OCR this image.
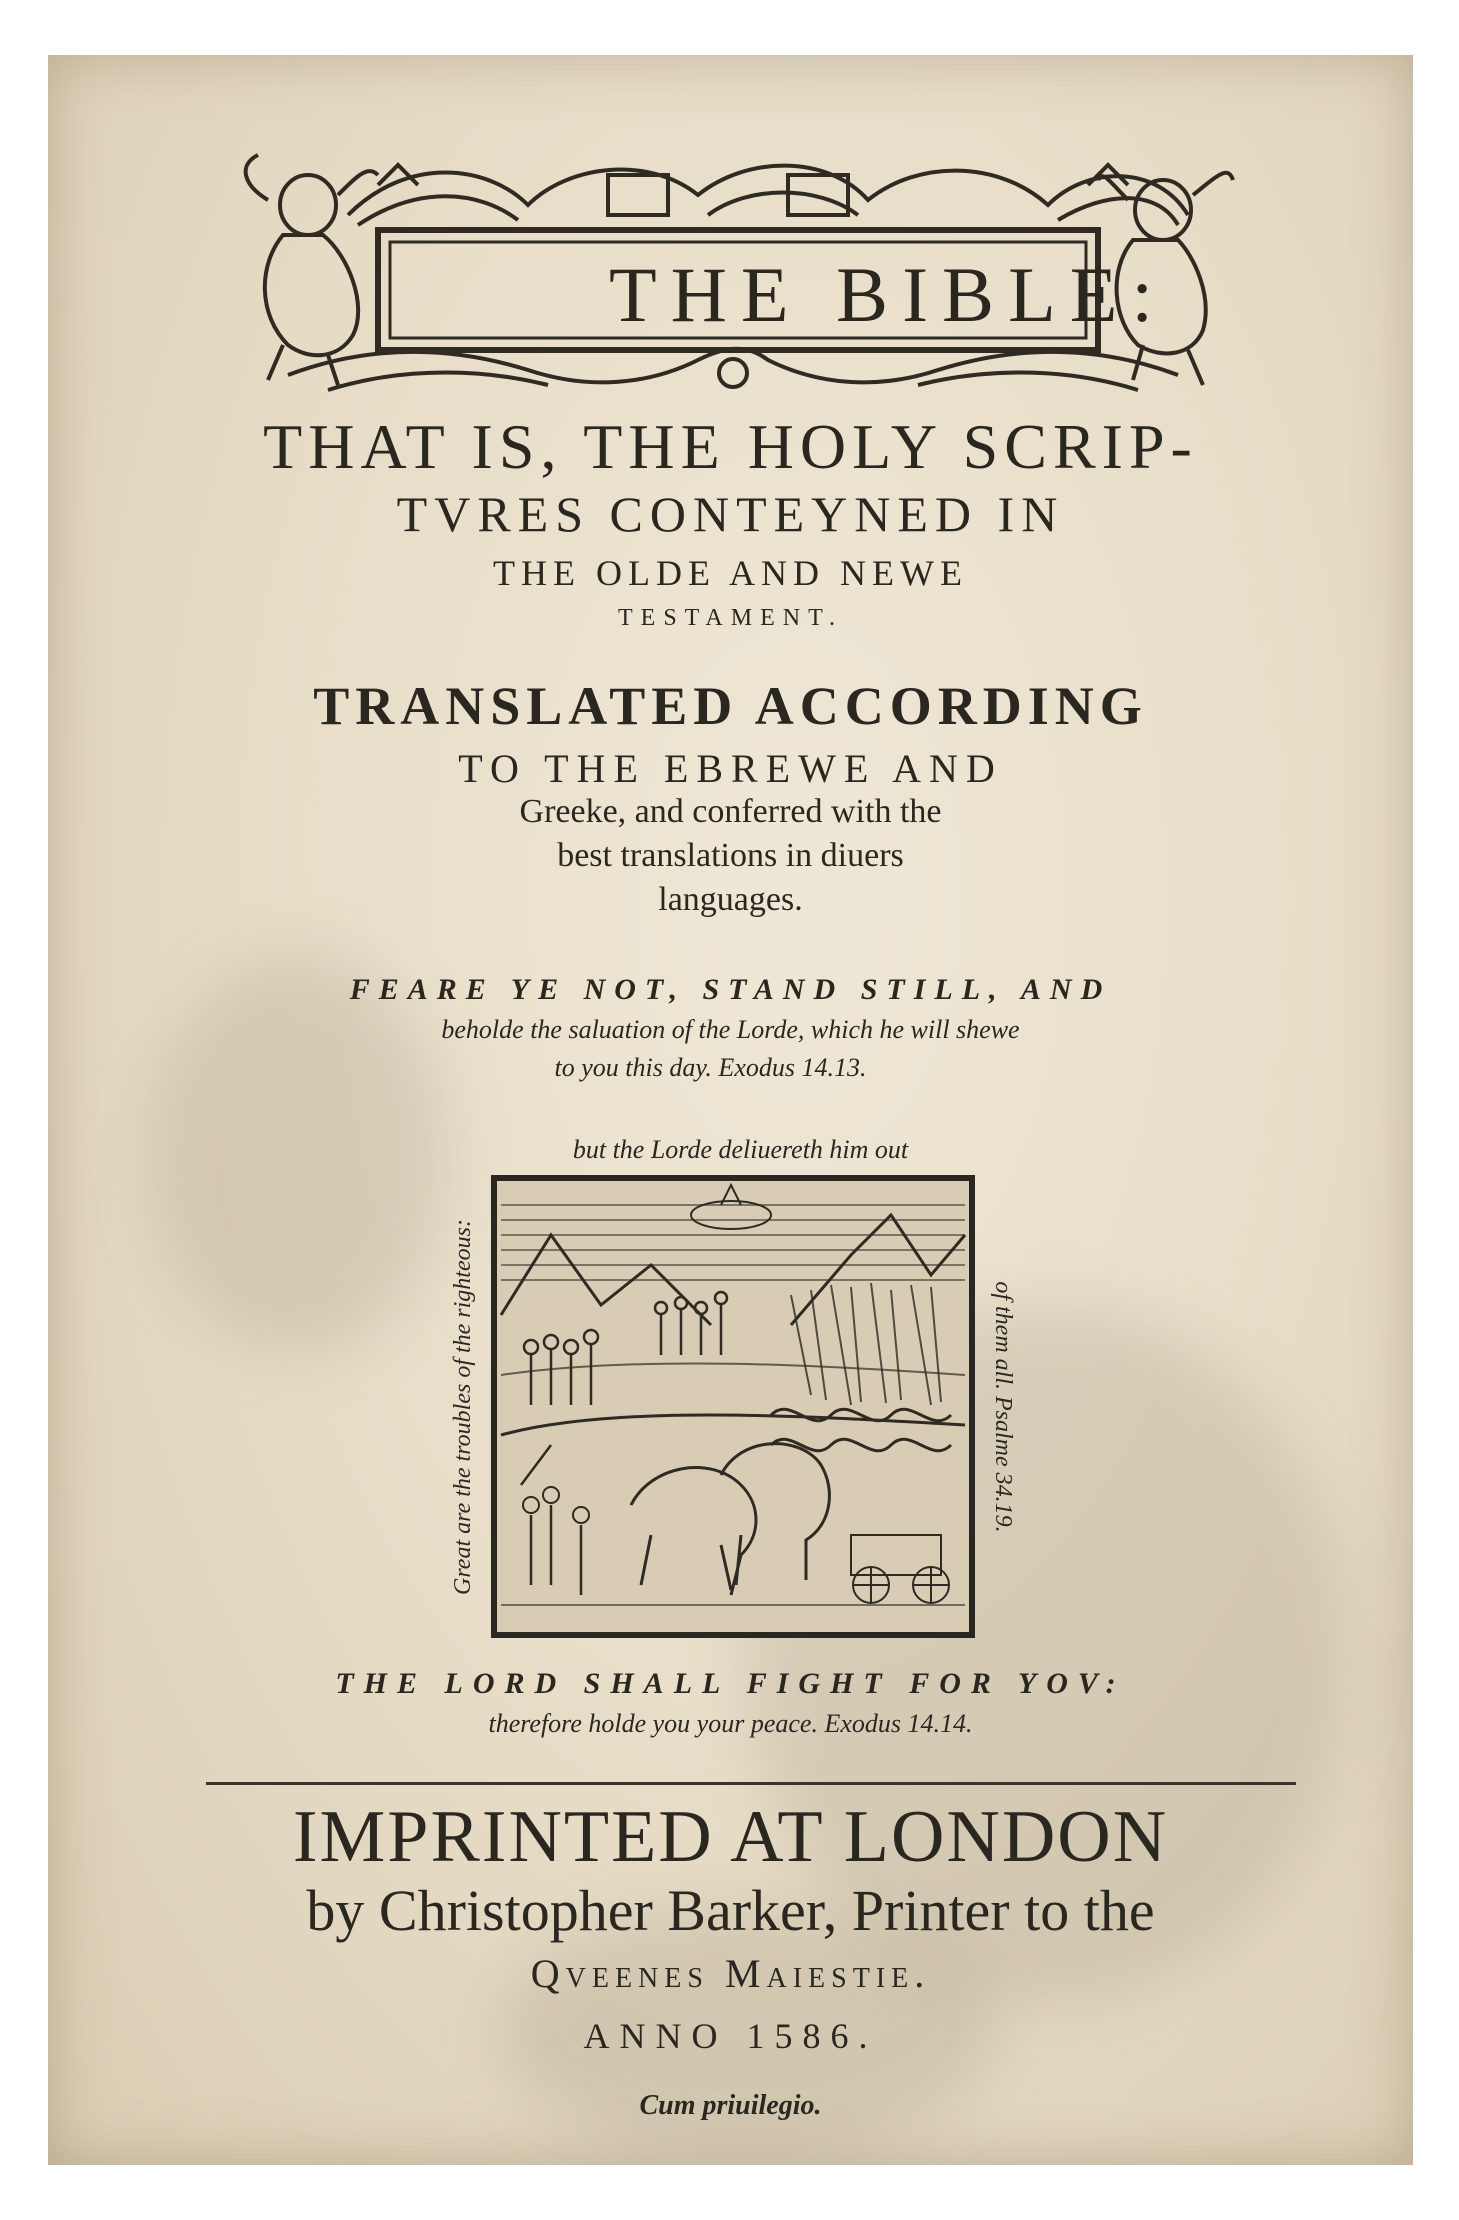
THE BIBLE:
THAT IS, THE HOLY SCRIP-
TVRES CONTEYNED IN
THE OLDE AND NEWE
TESTAMENT.
TRANSLATED ACCORDING
TO THE EBREWE AND
Greeke, and conferred with the
best translations in diuers
languages.
FEARE YE NOT, STAND STILL, AND
beholde the saluation of the Lorde, which he will shewe
to you this day. Exodus 14.13.
but the Lorde deliuereth him out
Great are the troubles of the righteous:	of them all. Psalme 34.19.
THE LORD SHALL FIGHT FOR YOV:
therefore holde you your peace. Exodus 14.14.
IMPRINTED AT LONDON
by Christopher Barker, Printer to the
Qveenes Maiestie.
ANNO 1586.
Cum priuilegio.
